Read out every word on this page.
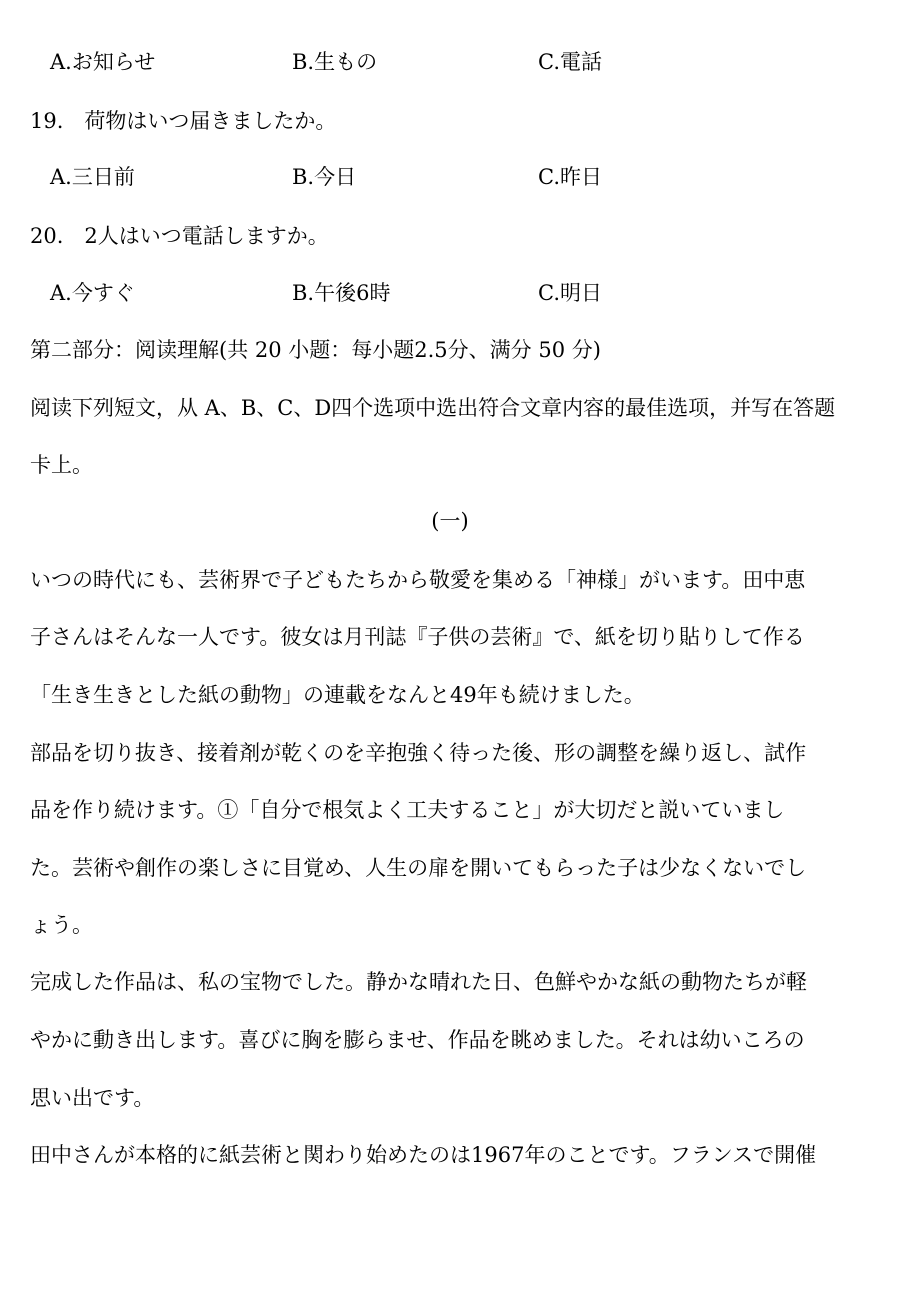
A.お知らせ	B.生もの	C.電話
19.　荷物はいつ届きましたか。
A.三日前	B.今日	C.昨日
20.　2人はいつ電話しますか。
A.今すぐ	B.午後6時	C.明日
第二部分：阅读理解(共 20 小题：每小题2.5分、满分 50 分)
阅读下列短文，从 A、B、C、D四个选项中选出符合文章内容的最佳选项，并写在答题
卡上。
(一)
いつの時代にも、芸術界で子どもたちから敬愛を集める「神様」がいます。田中恵
子さんはそんな一人です。彼女は月刊誌『子供の芸術』で、紙を切り貼りして作る
「生き生きとした紙の動物」の連載をなんと49年も続けました。
部品を切り抜き、接着剤が乾くのを辛抱強く待った後、形の調整を繰り返し、試作
品を作り続けます。①「自分で根気よく工夫すること」が大切だと説いていまし
た。芸術や創作の楽しさに目覚め、人生の扉を開いてもらった子は少なくないでし
ょう。
完成した作品は、私の宝物でした。静かな晴れた日、色鮮やかな紙の動物たちが軽
やかに動き出します。喜びに胸を膨らませ、作品を眺めました。それは幼いころの
思い出です。
田中さんが本格的に紙芸術と関わり始めたのは1967年のことです。フランスで開催
